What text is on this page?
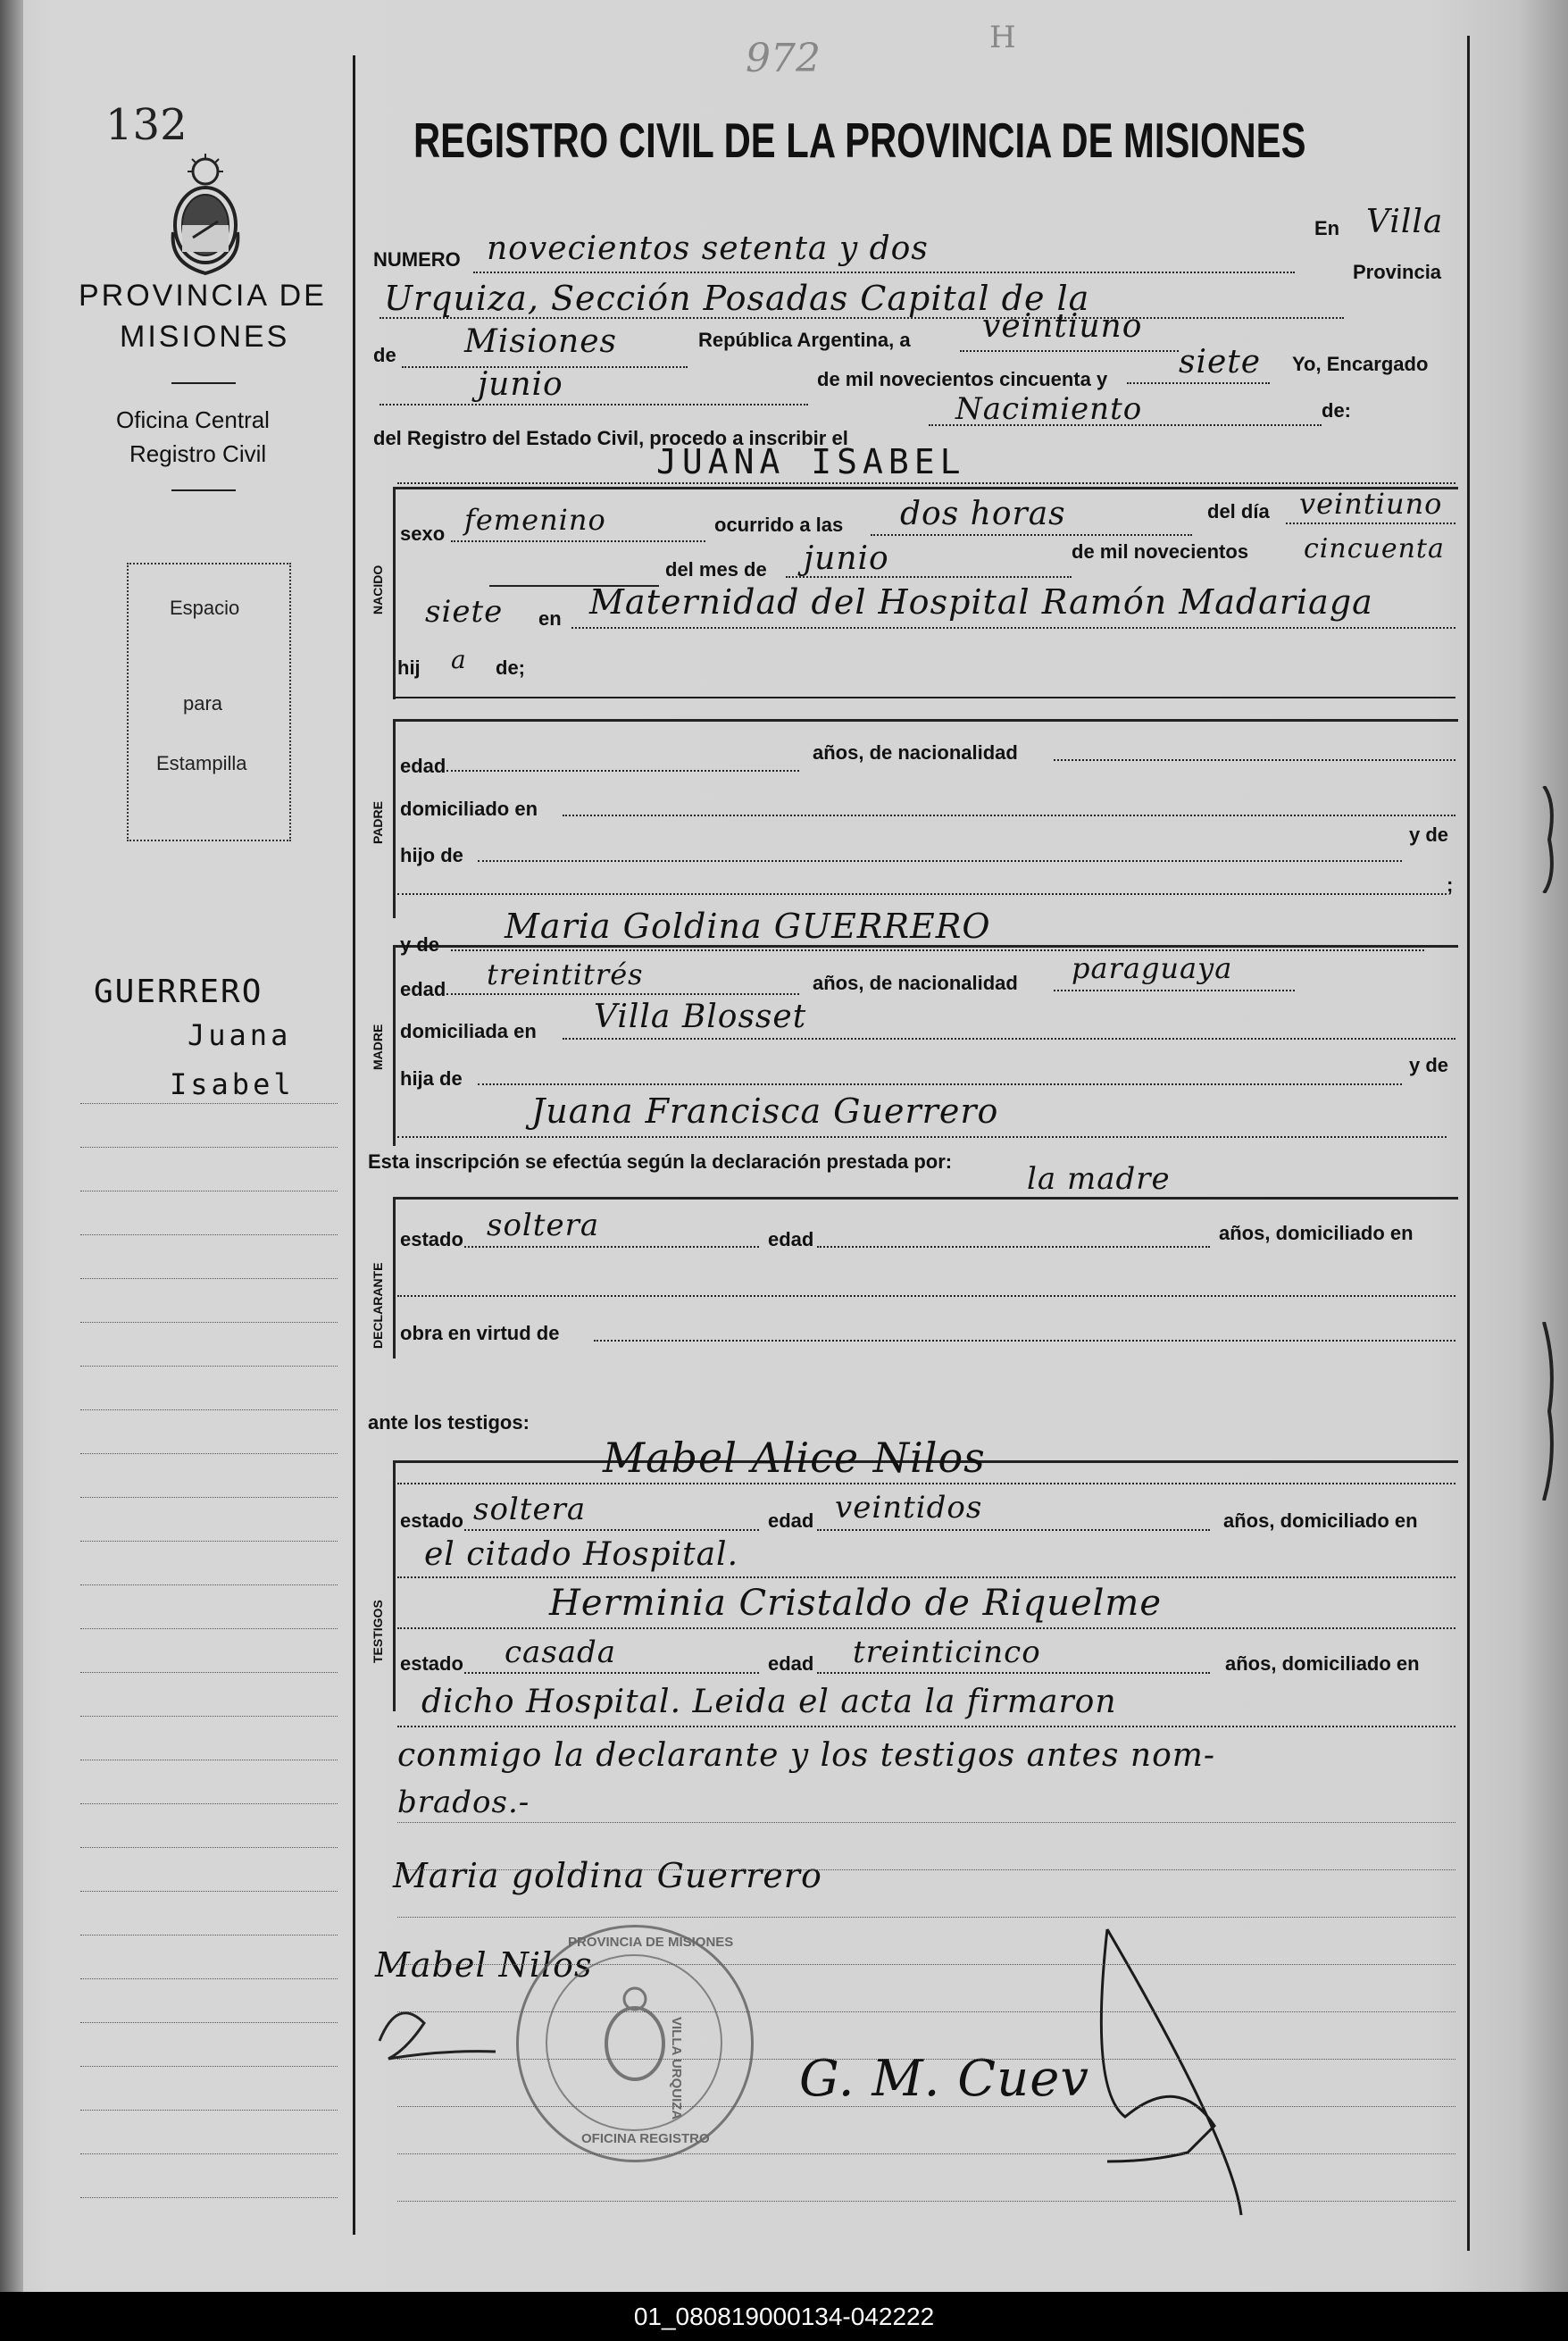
132
972	H
REGISTRO CIVIL DE LA PROVINCIA DE MISIONES
PROVINCIA DE
MISIONES
Oficina Central
Registro Civil
Espacio
para
Estampilla
GUERRERO
Juana
Isabel
NACIDO
PADRE
MADRE
DECLARANTE
TESTIGOS
NUMERO novecientos setenta y dos
En Villa
Urquiza, Sección Posadas Capital de la
Provincia
de Misiones	República Argentina, a veintiuno
junio	de mil novecientos cincuenta y siete Yo, Encargado
del Registro del Estado Civil, procedo a inscribir el
Nacimiento	de:
JUANA ISABEL
sexo femenino	ocurrido a las dos horas	del día veintiuno
del mes de junio	de mil novecientos cincuenta
siete en Maternidad del Hospital Ramón Madariaga
hij a de;
edad
años, de nacionalidad
domiciliado en
hijo de
y de
;
y de Maria Goldina GUERRERO
edad treintitrés	años, de nacionalidad paraguaya
domiciliada en Villa Blosset
hija de
y de
Juana Francisca Guerrero
Esta inscripción se efectúa según la declaración prestada por: la madre
estado soltera	edad	años, domiciliado en
obra en virtud de
ante los testigos:
Mabel Alice Nilos
estado soltera	edad veintidos	años, domiciliado en
el citado Hospital.
Herminia Cristaldo de Riquelme
estado casada	edad treinticinco	años, domiciliado en
dicho Hospital. Leida el acta la firmaron
conmigo la declarante y los testigos antes nom-
brados.-
Maria goldina Guerrero
Mabel Nilos
G. M. Cuev
PROVINCIA DE MISIONES
OFICINA REGISTRO
VILLA URQUIZA
01_080819000134-042222
